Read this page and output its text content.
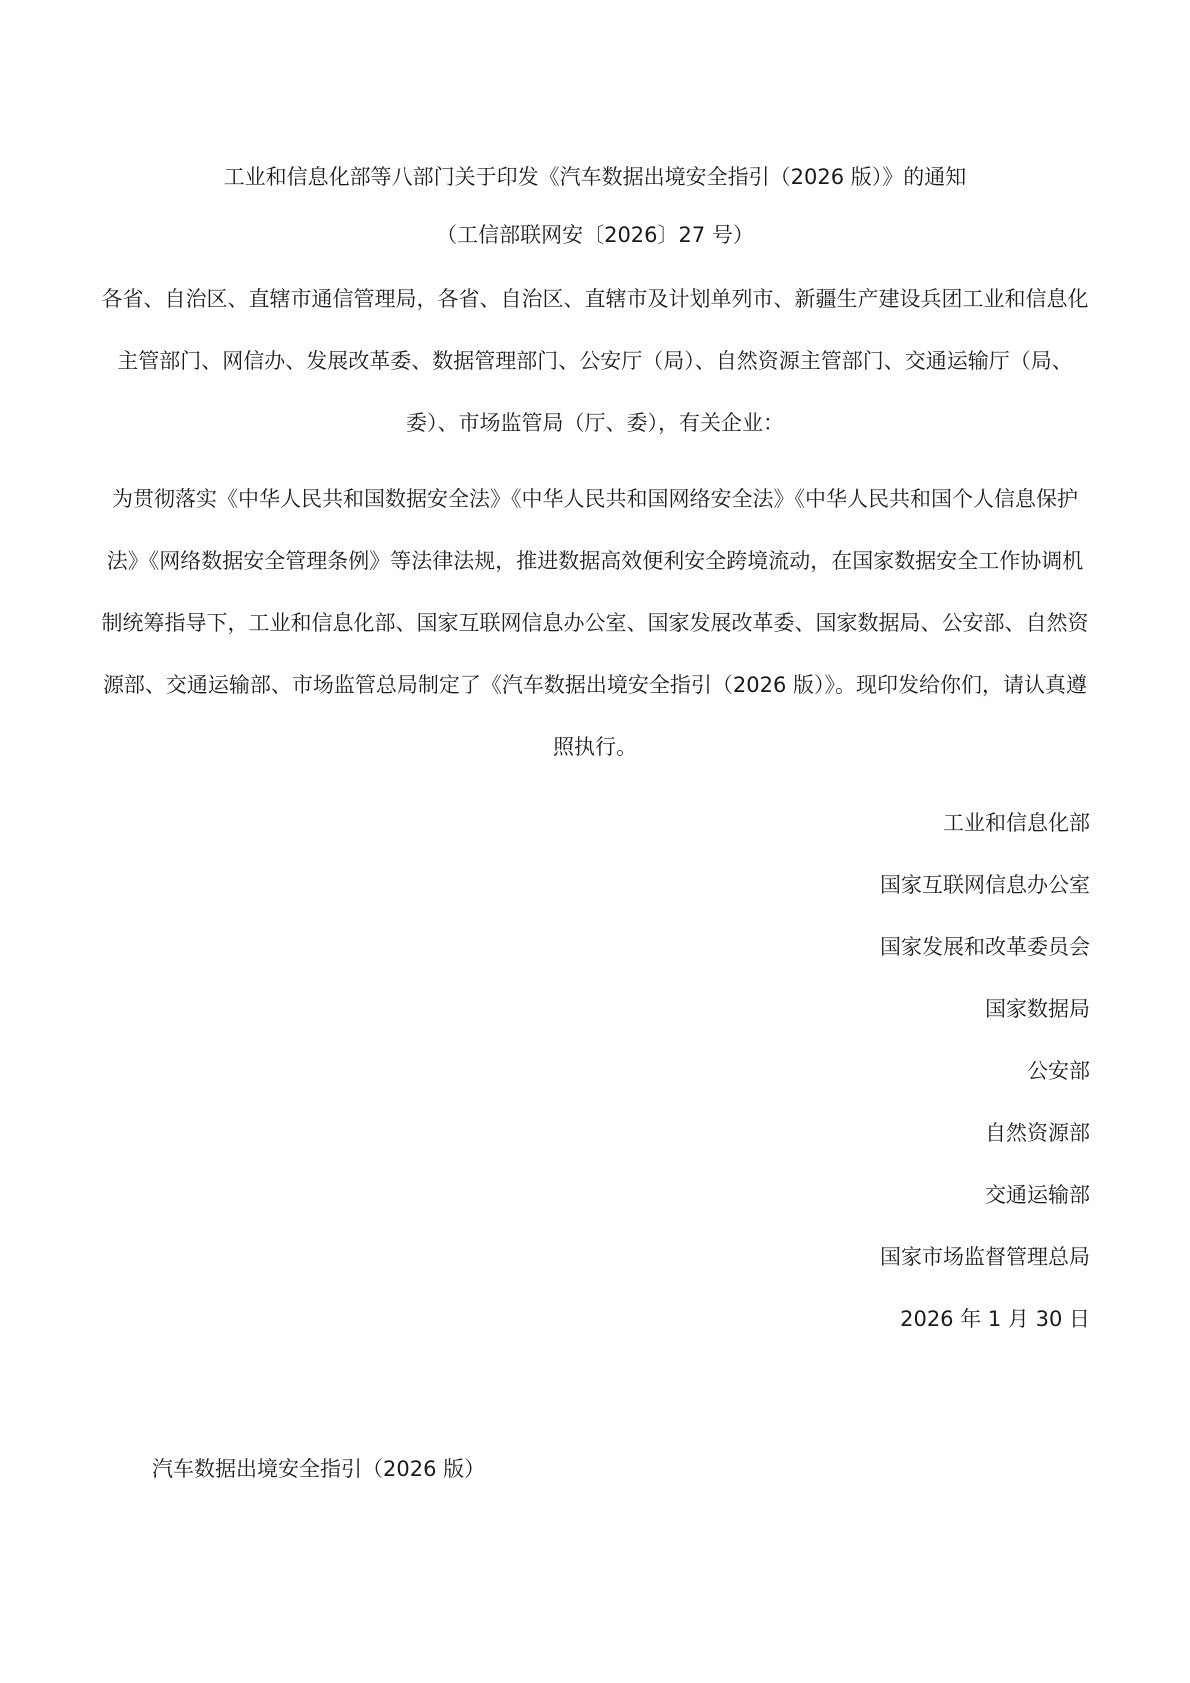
工业和信息化部等八部门关于印发《汽车数据出境安全指引（2026 版）》的通知

（工信部联网安〔2026〕27 号）

各省、自治区、直辖市通信管理局，各省、自治区、直辖市及计划单列市、新疆生产建设兵团工业和信息化主管部门、网信办、发展改革委、数据管理部门、公安厅（局）、自然资源主管部门、交通运输厅（局、委）、市场监管局（厅、委），有关企业：

为贯彻落实《中华人民共和国数据安全法》《中华人民共和国网络安全法》《中华人民共和国个人信息保护法》《网络数据安全管理条例》等法律法规，推进数据高效便利安全跨境流动，在国家数据安全工作协调机制统筹指导下，工业和信息化部、国家互联网信息办公室、国家发展改革委、国家数据局、公安部、自然资源部、交通运输部、市场监管总局制定了《汽车数据出境安全指引（2026 版）》。现印发给你们，请认真遵照执行。

工业和信息化部
国家互联网信息办公室
国家发展和改革委员会
国家数据局
公安部
自然资源部
交通运输部
国家市场监督管理总局
2026 年 1 月 30 日

汽车数据出境安全指引（2026 版）
